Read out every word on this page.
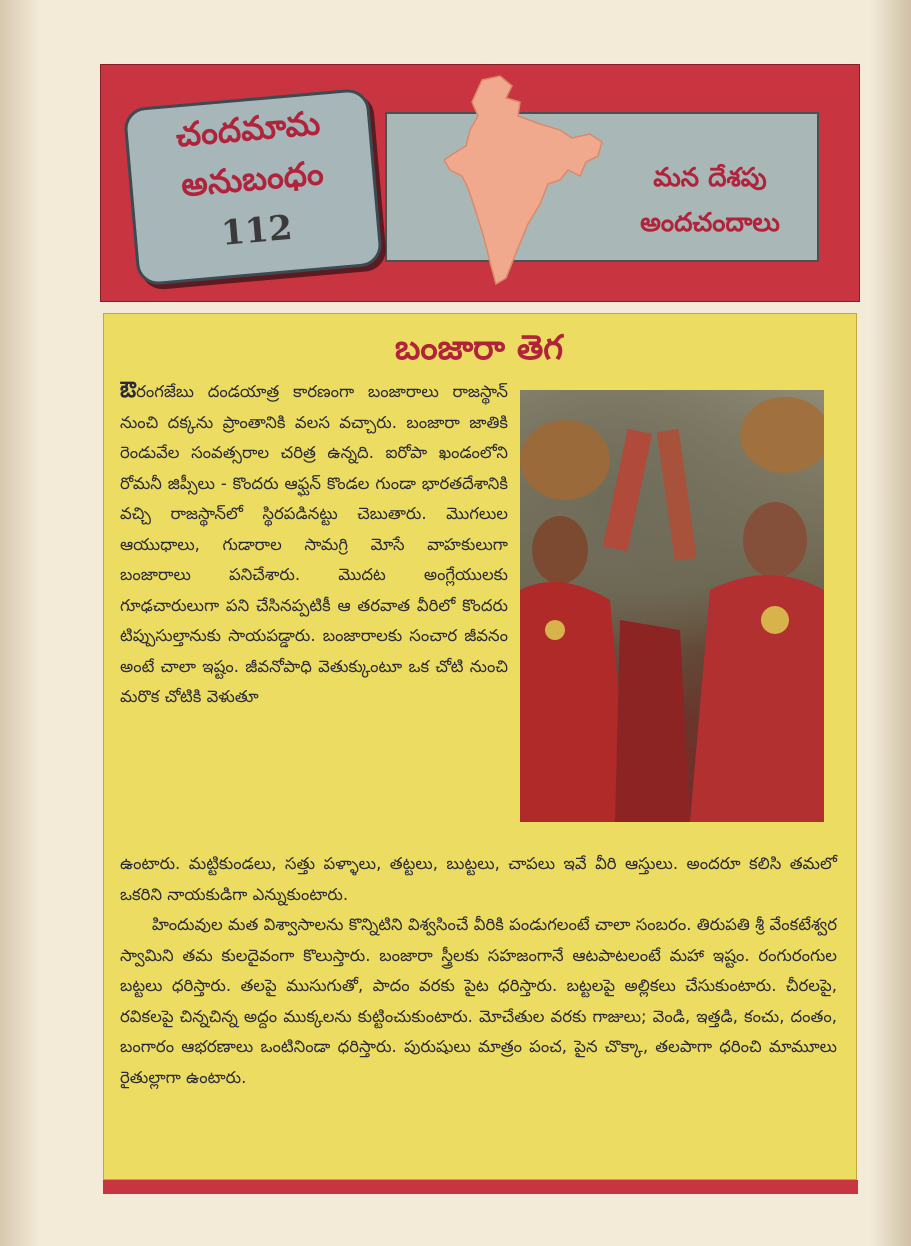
చందమామ
అనుబంధం
112
మన దేశపు
అందచందాలు
బంజారా తెగ

ఔరంగజేబు దండయాత్ర కారణంగా బంజారాలు రాజస్థాన్ నుంచి దక్కను ప్రాంతానికి వలస వచ్చారు. బంజారా జాతికి రెండువేల సంవత్సరాల చరిత్ర ఉన్నది. ఐరోపా ఖండంలోని రోమనీ జిప్సీలు - కొందరు ఆఫ్ఘన్ కొండల గుండా భారతదేశానికి వచ్చి రాజస్థాన్‌లో స్థిరపడినట్టు చెబుతారు. మొగలుల ఆయుధాలు, గుడారాల సామగ్రి మోసే వాహకులుగా బంజారాలు పనిచేశారు. మొదట అంగ్లేయులకు గూఢచారులుగా పని చేసినప్పటికీ ఆ తరవాత వీరిలో కొందరు టిప్పుసుల్తానుకు సాయపడ్డారు. బంజారాలకు సంచార జీవనం అంటే చాలా ఇష్టం. జీవనోపాధి వెతుక్కుంటూ ఒక చోటి నుంచి మరొక చోటికి వెళుతూ

ఉంటారు. మట్టికుండలు, సత్తు పళ్ళాలు, తట్టలు, బుట్టలు, చాపలు ఇవే వీరి ఆస్తులు. అందరూ కలిసి తమలో ఒకరిని నాయకుడిగా ఎన్నుకుంటారు.
హిందువుల మత విశ్వాసాలను కొన్నిటిని విశ్వసించే వీరికి పండుగలంటే చాలా సంబరం. తిరుపతి శ్రీ వేంకటేశ్వర స్వామిని తమ కులదైవంగా కొలుస్తారు. బంజారా స్త్రీలకు సహజంగానే ఆటపాటలంటే మహా ఇష్టం. రంగురంగుల బట్టలు ధరిస్తారు. తలపై ముసుగుతో, పాదం వరకు పైట ధరిస్తారు. బట్టలపై అల్లికలు చేసుకుంటారు. చీరలపై, రవికలపై చిన్నచిన్న అద్దం ముక్కలను కుట్టించుకుంటారు. మోచేతుల వరకు గాజులు; వెండి, ఇత్తడి, కంచు, దంతం, బంగారం ఆభరణాలు ఒంటినిండా ధరిస్తారు. పురుషులు మాత్రం పంచ, పైన చొక్కా, తలపాగా ధరించి మామూలు రైతుల్లాగా ఉంటారు.
